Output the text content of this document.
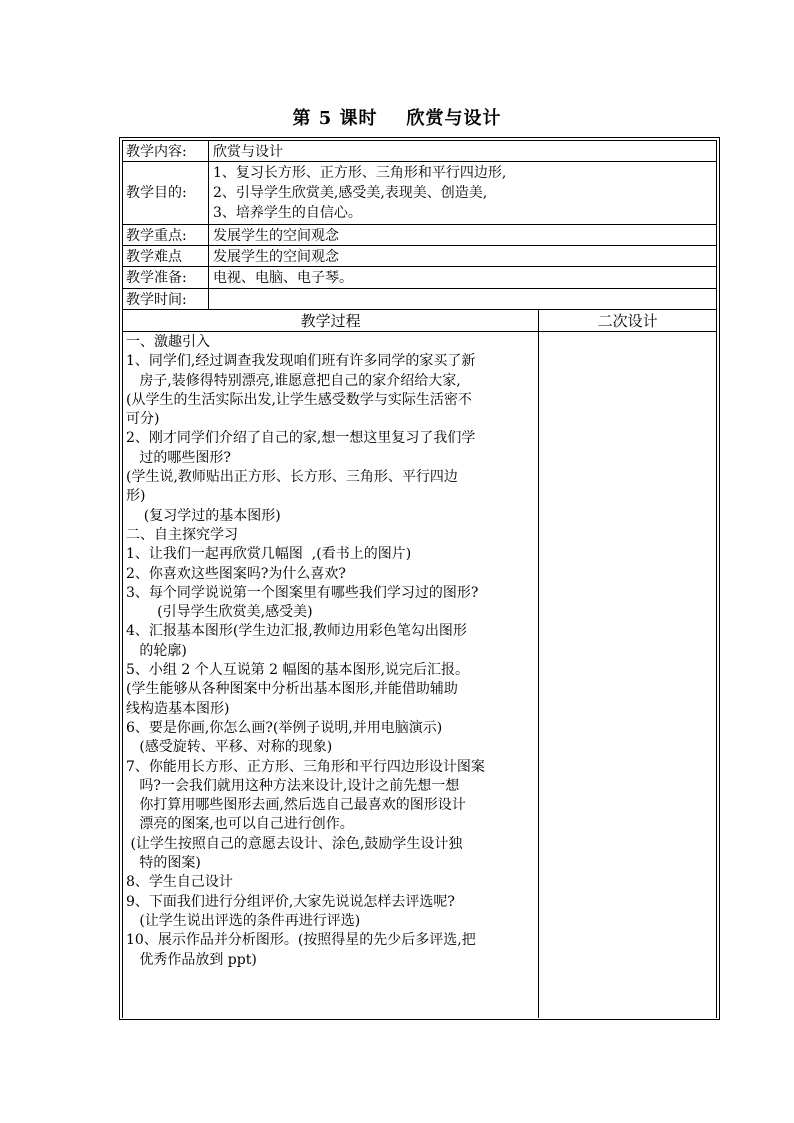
第 5 课时    欣赏与设计
教学内容:	欣赏与设计
教学目的:
1、复习长方形、正方形、三角形和平行四边形,
2、引导学生欣赏美,感受美,表现美、创造美,
3、培养学生的自信心。
教学重点:	发展学生的空间观念
教学难点	发展学生的空间观念
教学准备:	电视、电脑、电子琴。
教学时间:
教学过程	二次设计
一、激趣引入
1、同学们,经过调查我发现咱们班有许多同学的家买了新
房子,装修得特别漂亮,谁愿意把自己的家介绍给大家,
(从学生的生活实际出发,让学生感受数学与实际生活密不
可分)
2、刚才同学们介绍了自己的家,想一想这里复习了我们学
过的哪些图形?
(学生说,教师贴出正方形、长方形、三角形、平行四边
形)
(复习学过的基本图形)
二、自主探究学习
1、让我们一起再欣赏几幅图  ,(看书上的图片)
2、你喜欢这些图案吗?为什么喜欢?
3、每个同学说说第一个图案里有哪些我们学习过的图形?
(引导学生欣赏美,感受美)
4、汇报基本图形(学生边汇报,教师边用彩色笔勾出图形
的轮廓)
5、小组 2 个人互说第 2 幅图的基本图形,说完后汇报。
(学生能够从各种图案中分析出基本图形,并能借助辅助
线构造基本图形)
6、要是你画,你怎么画?(举例子说明,并用电脑演示)
(感受旋转、平移、对称的现象)
7、你能用长方形、正方形、三角形和平行四边形设计图案
吗?一会我们就用这种方法来设计,设计之前先想一想
你打算用哪些图形去画,然后选自己最喜欢的图形设计
漂亮的图案,也可以自己进行创作。
(让学生按照自己的意愿去设计、涂色,鼓励学生设计独
特的图案)
8、学生自己设计
9、下面我们进行分组评价,大家先说说怎样去评选呢?
(让学生说出评选的条件再进行评选)
10、展示作品并分析图形。(按照得星的先少后多评选,把
优秀作品放到 ppt)
